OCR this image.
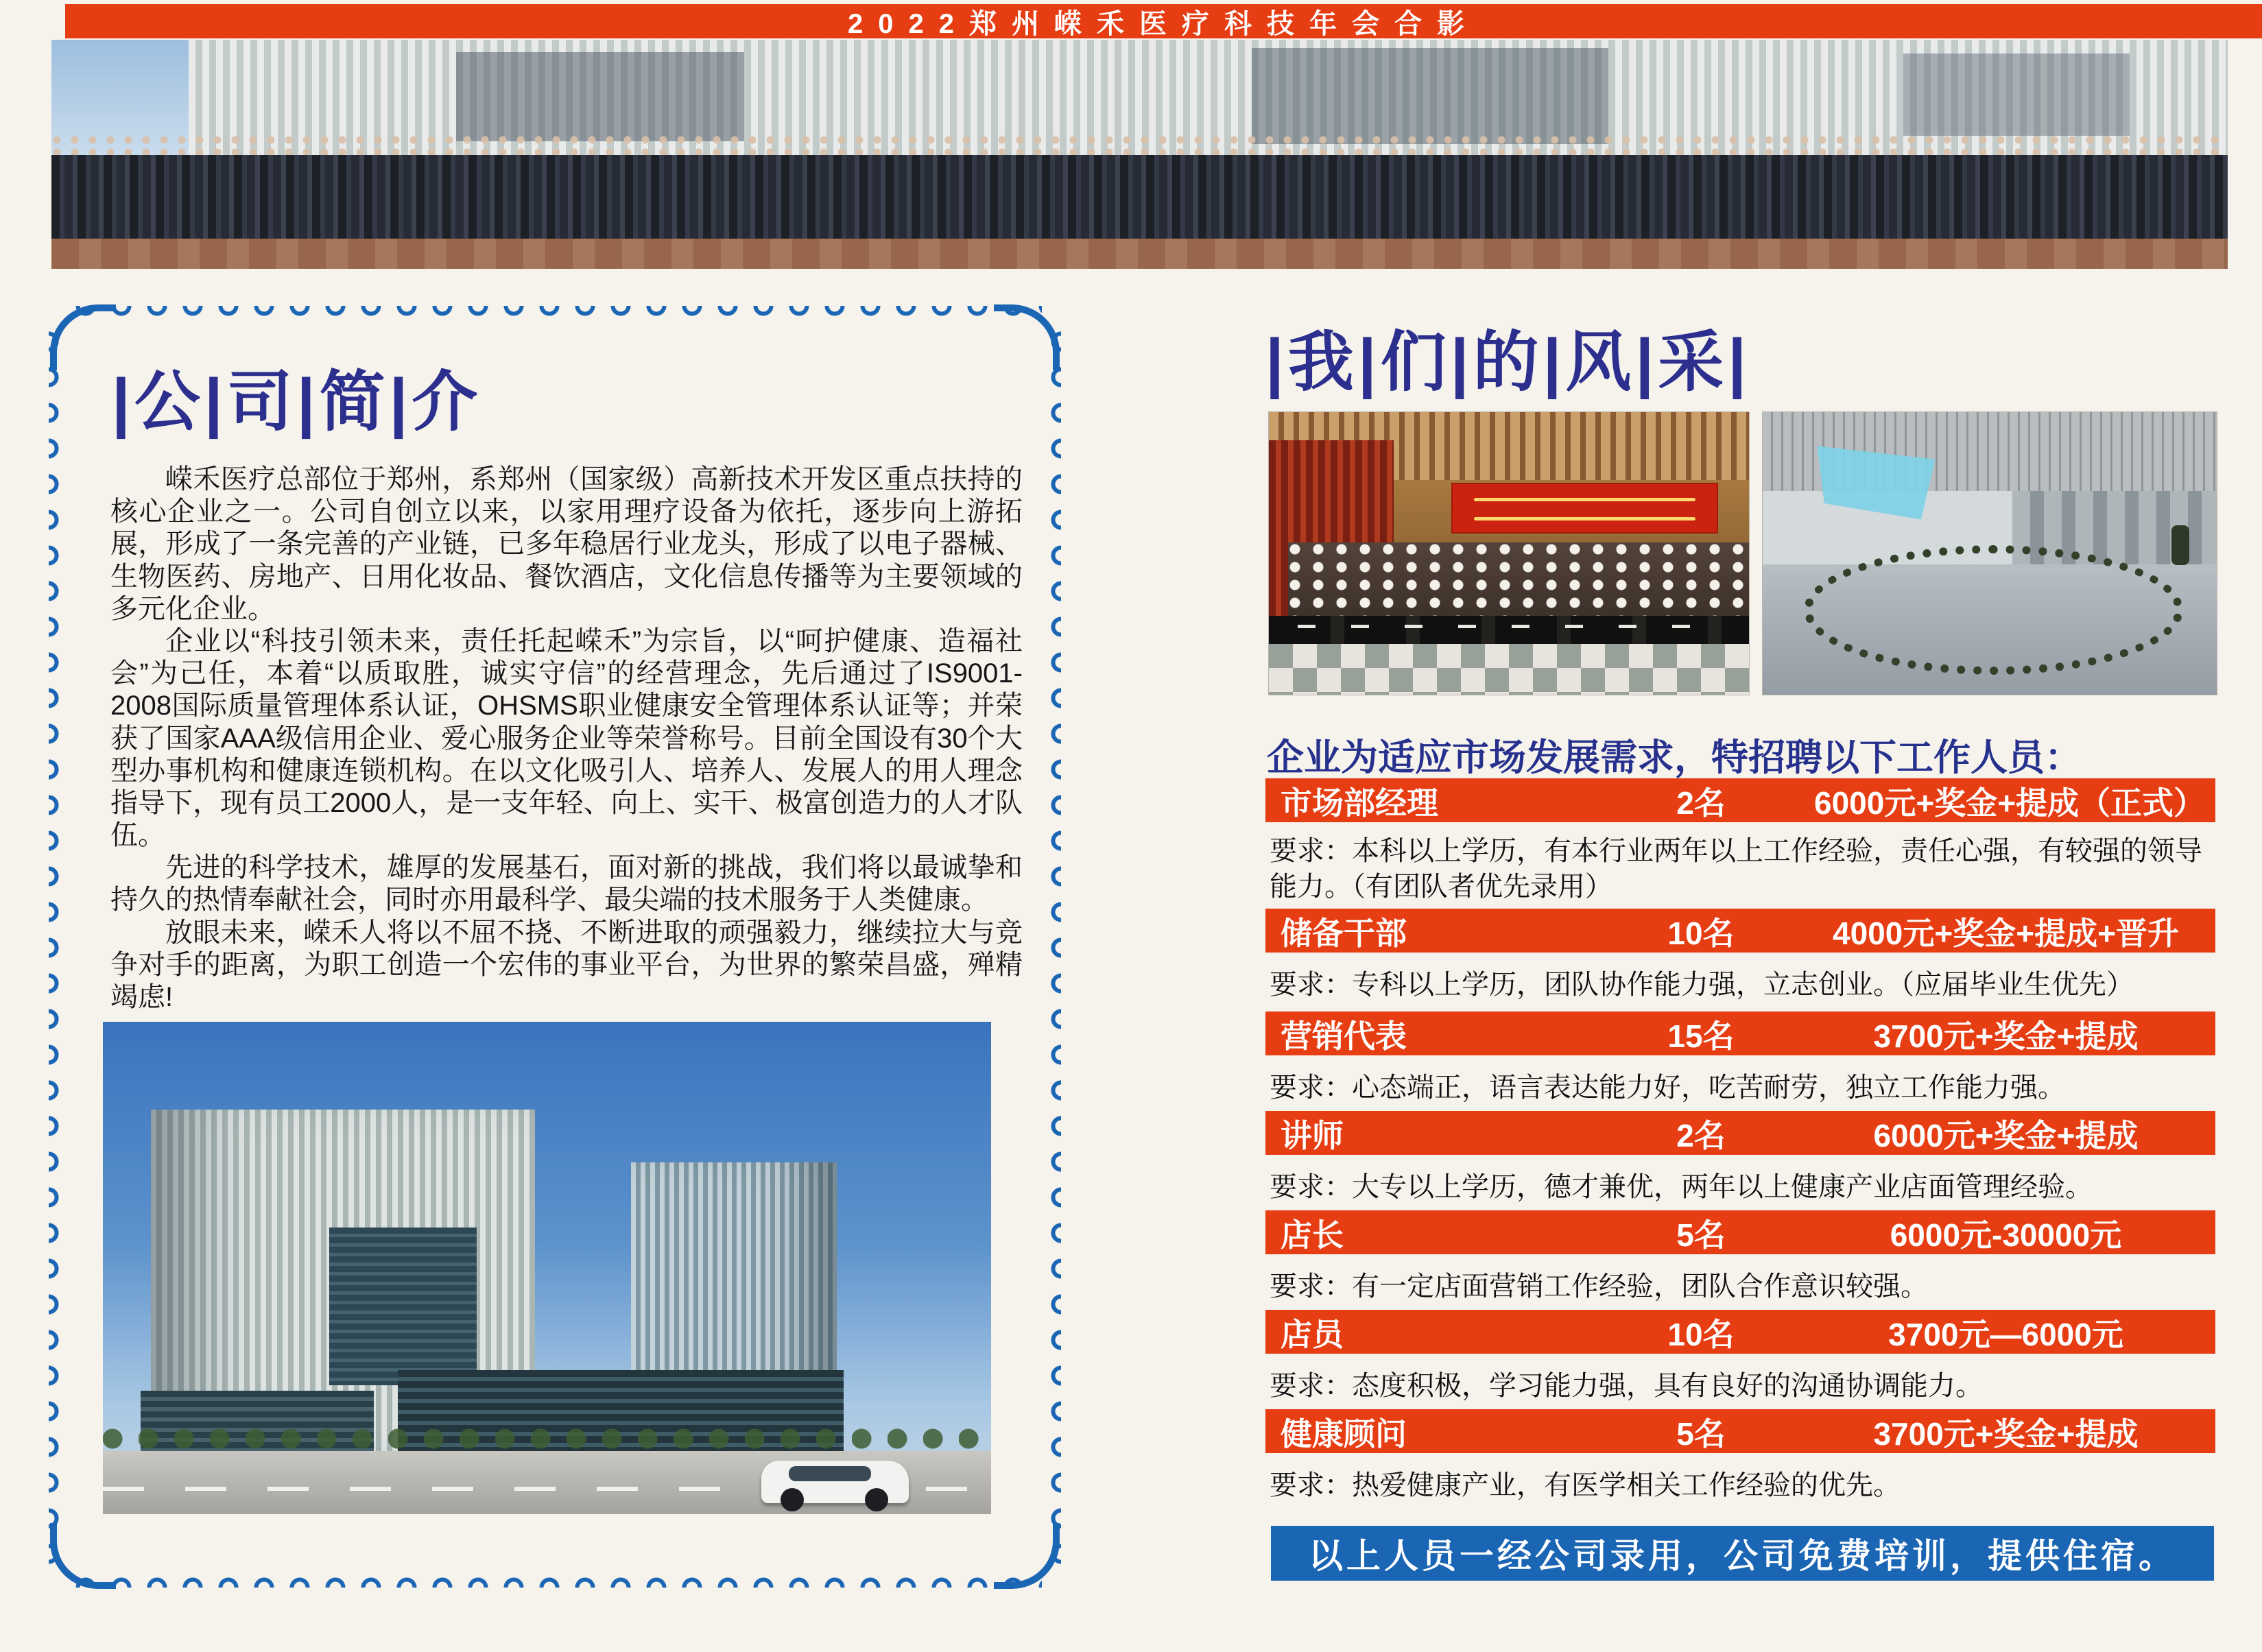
2022郑州嵘禾医疗科技年会合影
|公|司|简|介

嵘禾医疗总部位于郑州，系郑州（国家级）高新技术开发区重点扶持的核心企业之一。公司自创立以来，以家用理疗设备为依托，逐步向上游拓展，形成了一条完善的产业链，已多年稳居行业龙头，形成了以电子器械、生物医药、房地产、日用化妆品、餐饮酒店，文化信息传播等为主要领域的多元化企业。

企业以“科技引领未来，责任托起嵘禾”为宗旨，以“呵护健康、造福社会”为己任，本着“以质取胜，诚实守信”的经营理念，先后通过了IS9001-2008国际质量管理体系认证，OHSMS职业健康安全管理体系认证等；并荣获了国家AAA级信用企业、爱心服务企业等荣誉称号。目前全国设有30个大型办事机构和健康连锁机构。在以文化吸引人、培养人、发展人的用人理念指导下，现有员工2000人，是一支年轻、向上、实干、极富创造力的人才队伍。

先进的科学技术，雄厚的发展基石，面对新的挑战，我们将以最诚挚和持久的热情奉献社会，同时亦用最科学、最尖端的技术服务于人类健康。

放眼未来，嵘禾人将以不屈不挠、不断进取的顽强毅力，继续拉大与竞争对手的距离，为职工创造一个宏伟的事业平台，为世界的繁荣昌盛，殚精竭虑!

|我|们|的|风|采|
企业为适应市场发展需求，特招聘以下工作人员：
市场部经理	2名	6000元+奖金+提成（正式）
要求：本科以上学历，有本行业两年以上工作经验，责任心强，有较强的领导能力。（有团队者优先录用）
储备干部	10名	4000元+奖金+提成+晋升
要求：专科以上学历，团队协作能力强，立志创业。（应届毕业生优先）
营销代表	15名	3700元+奖金+提成
要求：心态端正，语言表达能力好，吃苦耐劳，独立工作能力强。
讲师	2名	6000元+奖金+提成
要求：大专以上学历，德才兼优，两年以上健康产业店面管理经验。
店长	5名	6000元-30000元
要求：有一定店面营销工作经验，团队合作意识较强。
店员	10名	3700元—6000元
要求：态度积极，学习能力强，具有良好的沟通协调能力。
健康顾问	5名	3700元+奖金+提成
要求：热爱健康产业，有医学相关工作经验的优先。
以上人员一经公司录用，公司免费培训，提供住宿。
